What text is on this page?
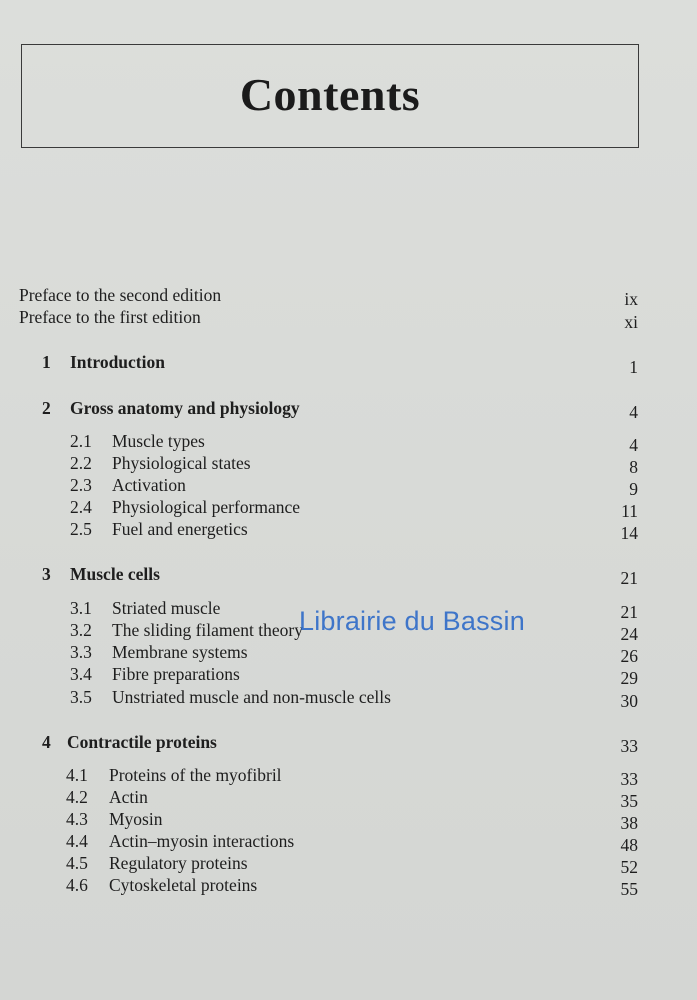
Contents
Preface to the second edition	ix
Preface to the first edition	xi
1 Introduction	1
2 Gross anatomy and physiology	4
2.1 Muscle types	4
2.2 Physiological states	8
2.3 Activation	9
2.4 Physiological performance	11
2.5 Fuel and energetics	14
3 Muscle cells	21
3.1 Striated muscle	21
3.2 The sliding filament theory	24
3.3 Membrane systems	26
3.4 Fibre preparations	29
3.5 Unstriated muscle and non-muscle cells	30
4 Contractile proteins	33
4.1 Proteins of the myofibril	33
4.2 Actin	35
4.3 Myosin	38
4.4 Actin–myosin interactions	48
4.5 Regulatory proteins	52
4.6 Cytoskeletal proteins	55
Librairie du Bassin
